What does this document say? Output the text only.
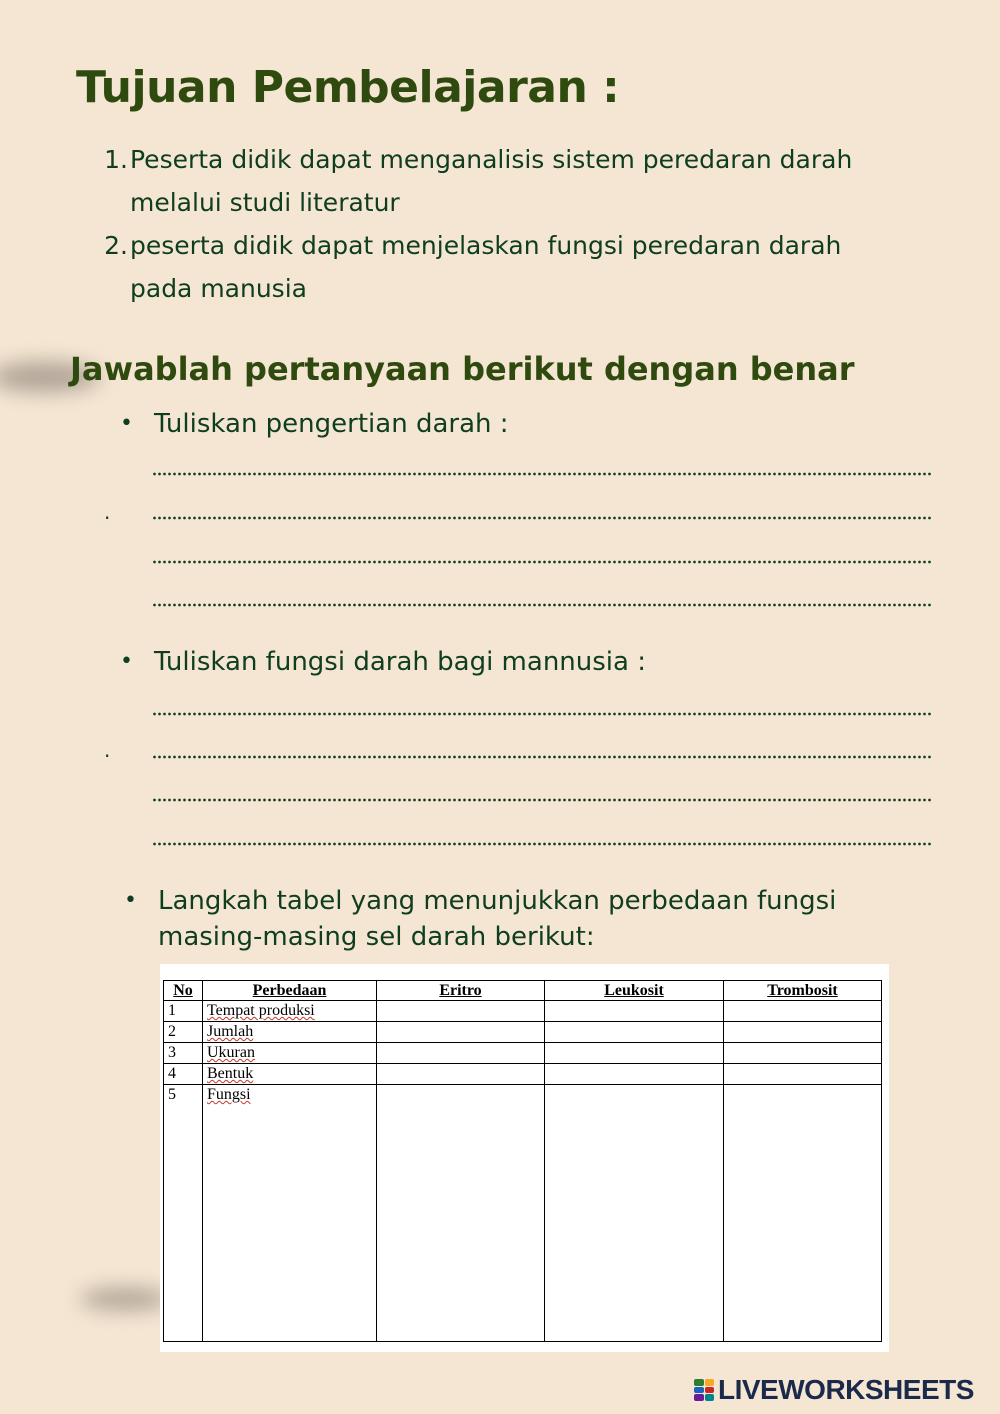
Tujuan Pembelajaran :
1. Peserta didik dapat menganalisis sistem peredaran darah
melalui studi literatur
2. peserta didik dapat menjelaskan fungsi peredaran darah
pada manusia
Jawablah pertanyaan berikut dengan benar
• Tuliskan pengertian darah :
.
• Tuliskan fungsi darah bagi mannusia :
.
• Langkah tabel yang menunjukkan perbedaan fungsi
masing-masing sel darah berikut:
No	Perbedaan	Eritro	Leukosit	Trombosit
1	Tempat produksi			
2	Jumlah			
3	Ukuran			
4	Bentuk			
5	Fungsi			
LIVEWORKSHEETS
